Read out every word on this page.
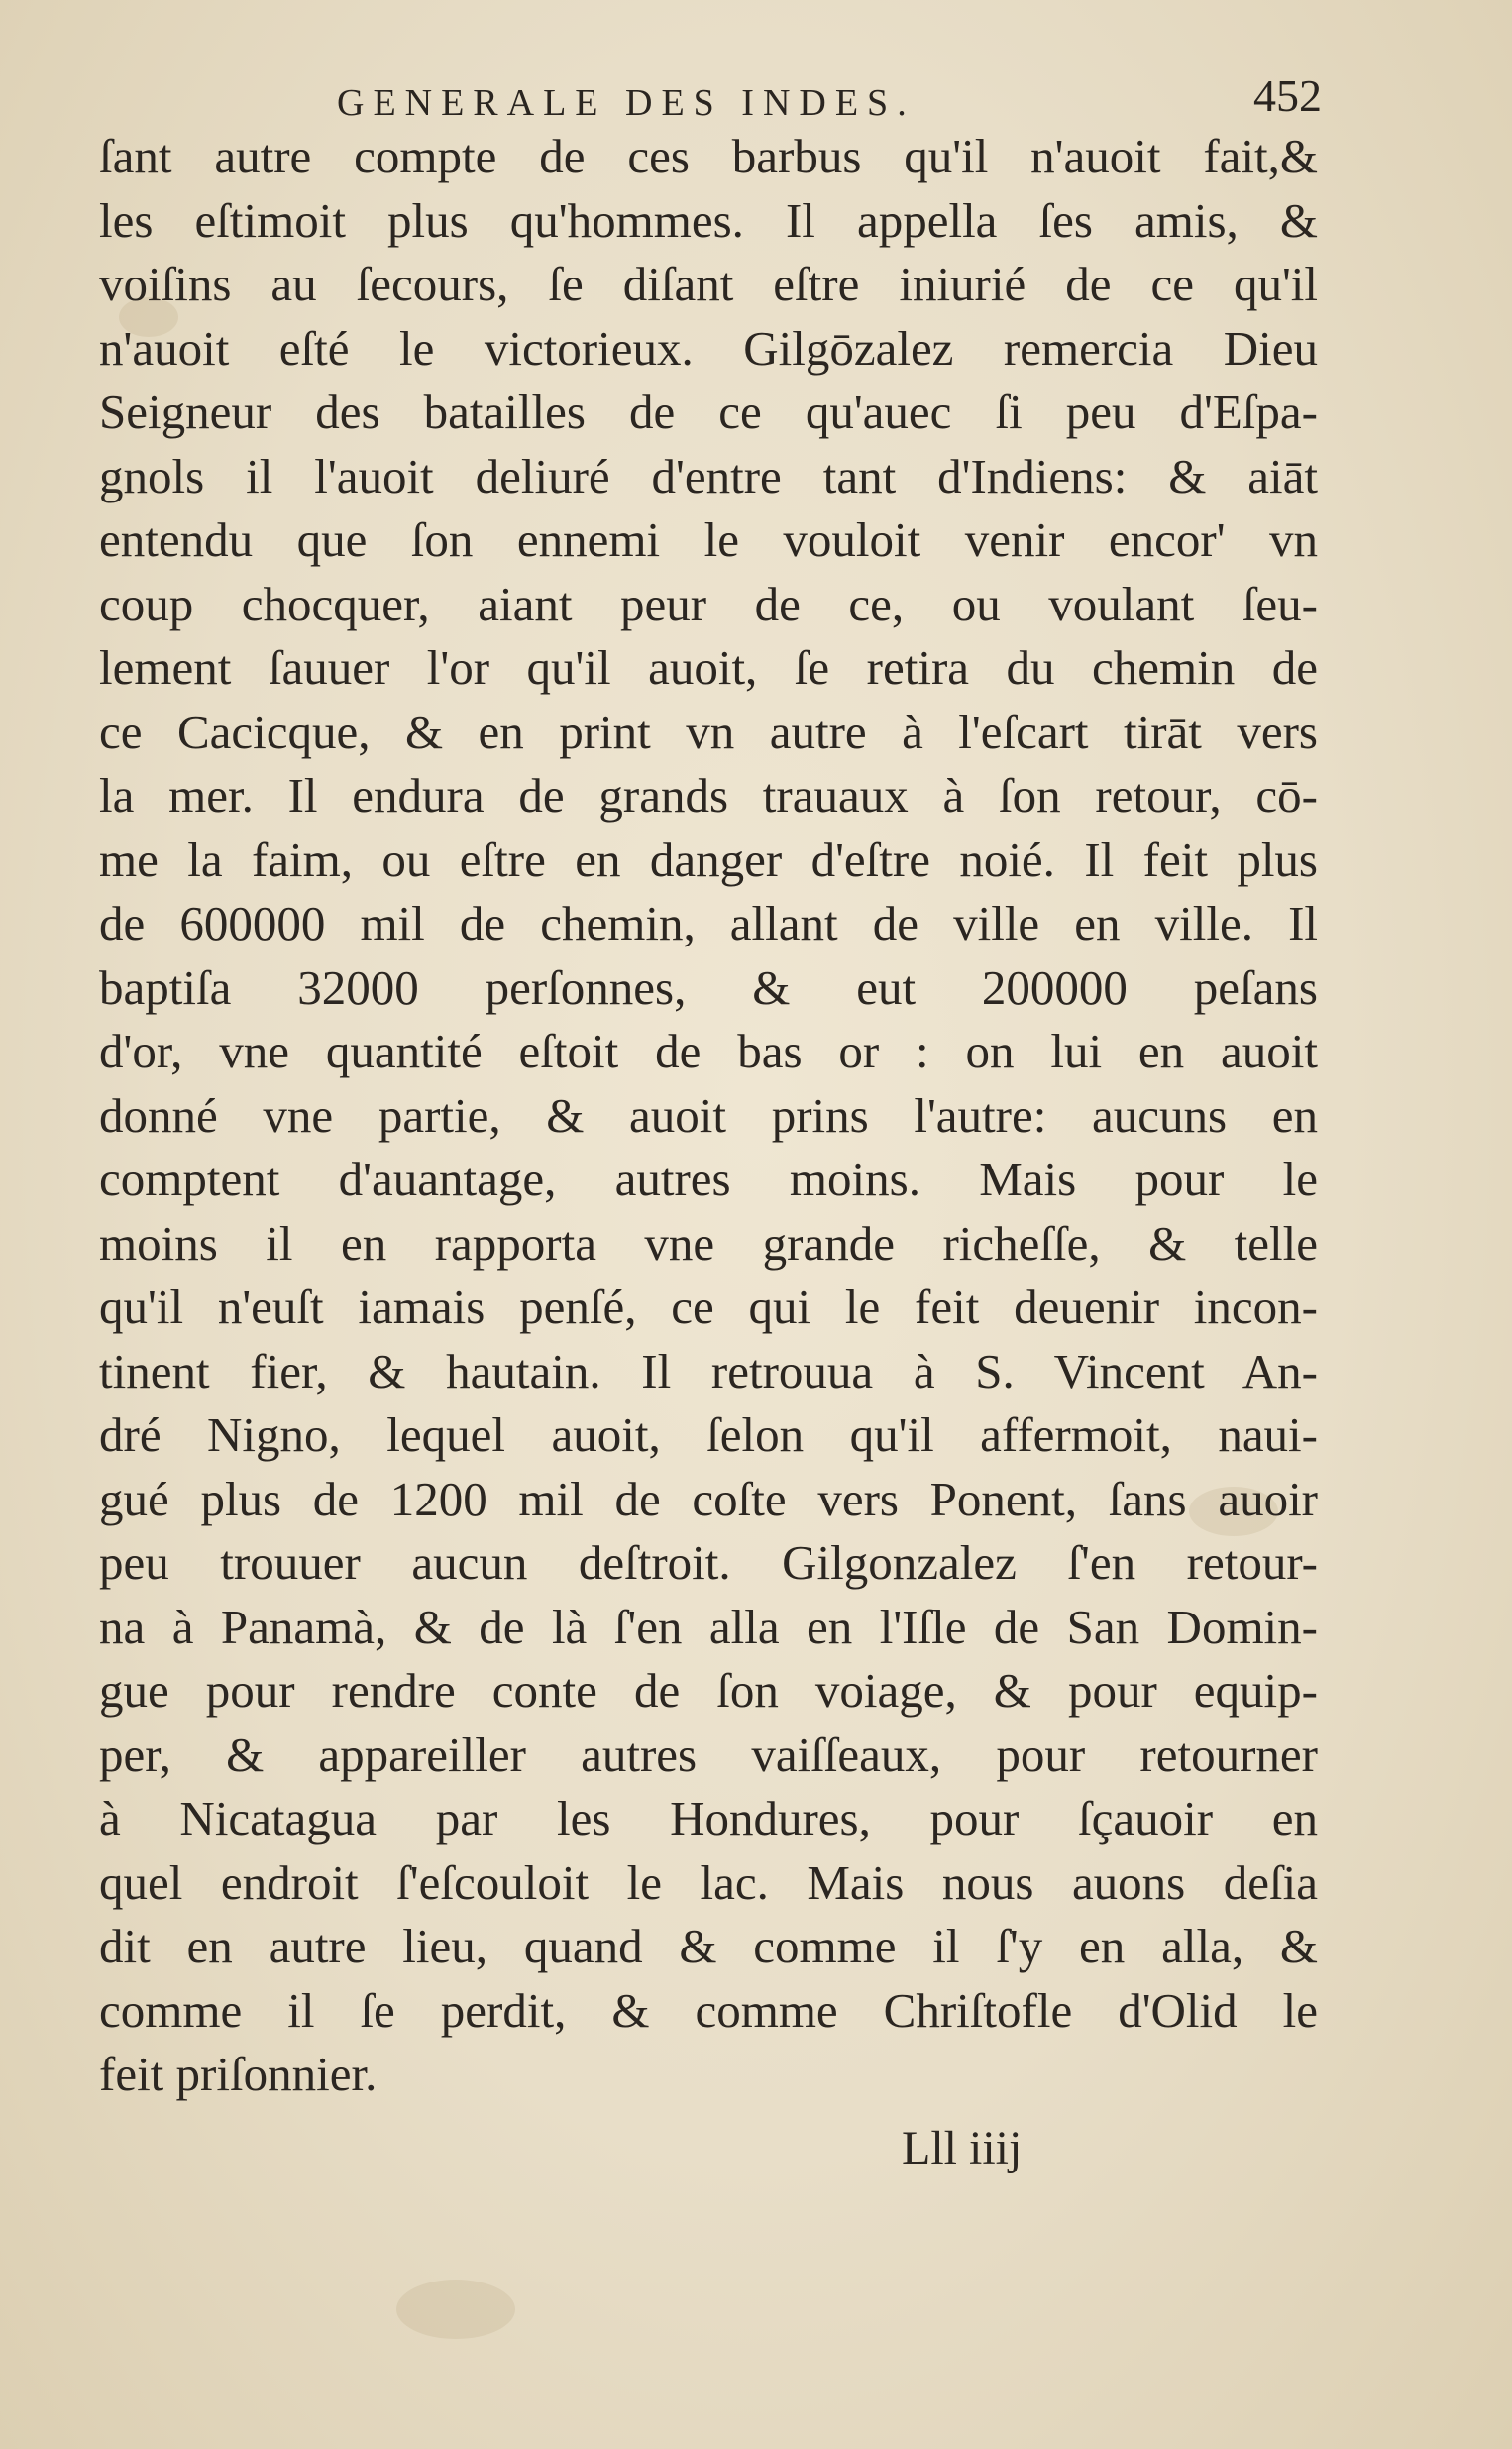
GENERALE DES INDES.	452
ſant autre compte de ces barbus qu'il n'auoit fait,&
les eſtimoit plus qu'hommes. Il appella ſes amis, &
voiſins au ſecours, ſe diſant eſtre iniurié de ce qu'il
n'auoit eſté le victorieux. Gilgōzalez remercia Dieu
Seigneur des batailles de ce qu'auec ſi peu d'Eſpa-
gnols il l'auoit deliuré d'entre tant d'Indiens: & aiāt
entendu que ſon ennemi le vouloit venir encor' vn
coup chocquer, aiant peur de ce, ou voulant ſeu-
lement ſauuer l'or qu'il auoit, ſe retira du chemin de
ce Cacicque, & en print vn autre à l'eſcart tirāt vers
la mer. Il endura de grands trauaux à ſon retour, cō-
me la faim, ou eſtre en danger d'eſtre noié. Il feit plus
de 600000 mil de chemin, allant de ville en ville. Il
baptiſa 32000 perſonnes, & eut 200000 peſans
d'or, vne quantité eſtoit de bas or : on lui en auoit
donné vne partie, & auoit prins l'autre: aucuns en
comptent d'auantage, autres moins. Mais pour le
moins il en rapporta vne grande richeſſe, & telle
qu'il n'euſt iamais penſé, ce qui le feit deuenir incon-
tinent fier, & hautain. Il retrouua à S. Vincent An-
dré Nigno, lequel auoit, ſelon qu'il affermoit, naui-
gué plus de 1200 mil de coſte vers Ponent, ſans auoir
peu trouuer aucun deſtroit. Gilgonzalez ſ'en retour-
na à Panamà, & de là ſ'en alla en l'Iſle de San Domin-
gue pour rendre conte de ſon voiage, & pour equip-
per, & appareiller autres vaiſſeaux, pour retourner
à Nicatagua par les Hondures, pour ſçauoir en
quel endroit ſ'eſcouloit le lac. Mais nous auons deſia
dit en autre lieu, quand & comme il ſ'y en alla, &
comme il ſe perdit, & comme Chriſtofle d'Olid le
feit priſonnier.
Lll iiij
